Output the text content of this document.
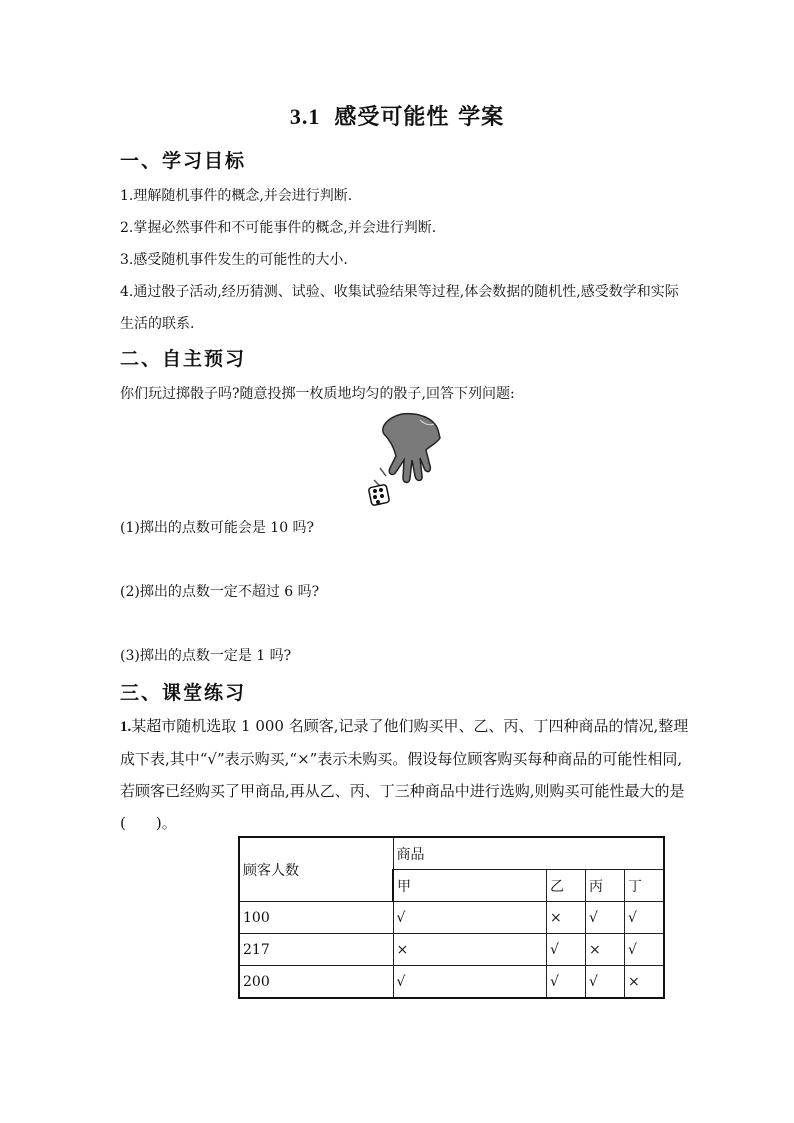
3.1 感受可能性 学案
一、学习目标
1.理解随机事件的概念,并会进行判断.
2.掌握必然事件和不可能事件的概念,并会进行判断.
3.感受随机事件发生的可能性的大小.
4.通过骰子活动,经历猜测、试验、收集试验结果等过程,体会数据的随机性,感受数学和实际生活的联系.
二、自主预习
你们玩过掷骰子吗?随意投掷一枚质地均匀的骰子,回答下列问题:
(1)掷出的点数可能会是 10 吗?
(2)掷出的点数一定不超过 6 吗?
(3)掷出的点数一定是 1 吗?
三、课堂练习
1.某超市随机选取 1 000 名顾客,记录了他们购买甲、乙、丙、丁四种商品的情况,整理成下表,其中“√”表示购买,“×”表示未购买。假设每位顾客购买每种商品的可能性相同,若顾客已经购买了甲商品,再从乙、丙、丁三种商品中进行选购,则购买可能性最大的是(　　)。
顾客人数	商品			
	甲	乙	丙	丁
100	√	×	√	√
217	×	√	×	√
200	√	√	√	×
